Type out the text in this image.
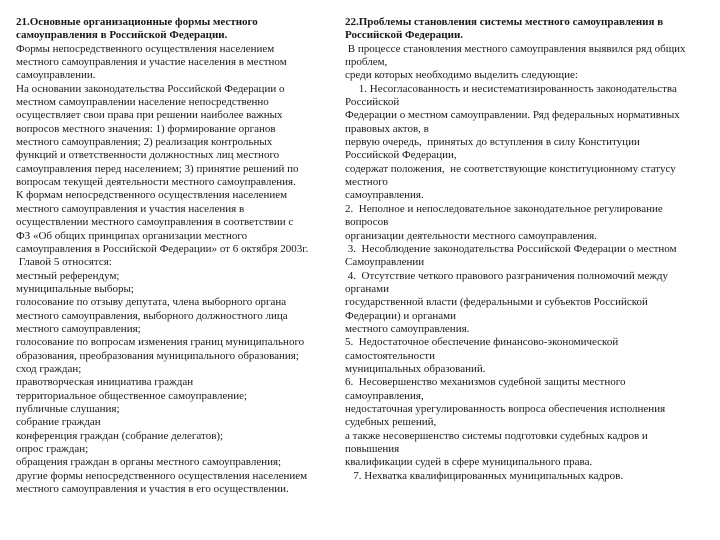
21.Основные организационные формы местного
самоуправления в Российской Федерации.
Формы непосредственного осуществления населением
местного самоуправления и участие населения в местном
самоуправлении.
На основании законодательства Российской Федерации о
местном самоуправлении население непосредственно
осуществляет свои права при решении наиболее важных
вопросов местного значения: 1) формирование органов
местного самоуправления; 2) реализация контрольных
функций и ответственности должностных лиц местного
самоуправления перед населением; 3) принятие решений по
вопросам текущей деятельности местного самоуправления.
К формам непосредственного осуществления населением
местного самоуправления и участия населения в
осуществлении местного самоуправления в соответствии с
ФЗ «Об общих принципах организации местного
самоуправления в Российской Федерации» от 6 октября 2003г.
Главой 5 относятся:
местный референдум;
муниципальные выборы;
голосование по отзыву депутата, члена выборного органа
местного самоуправления, выборного должностного лица
местного самоуправления;
голосование по вопросам изменения границ муниципального
образования, преобразования муниципального образования;
сход граждан;
правотворческая инициатива граждан
территориальное общественное самоуправление;
публичные слушания;
собрание граждан
конференция граждан (собрание делегатов);
опрос граждан;
обращения граждан в органы местного самоуправления;
другие формы непосредственного осуществления населением
местного самоуправления и участия в его осуществлении.
22.Проблемы становления системы местного самоуправления в
Российской Федерации.
В процессе становления местного самоуправления выявился ряд общих
проблем,
среди которых необходимо выделить следующие:
1. Несогласованность и несистематизированность законодательства
Российской
Федерации о местном самоуправлении. Ряд федеральных нормативных
правовых актов, в
первую очередь,  принятых до вступления в силу Конституции
Российской Федерации,
содержат положения,  не соответствующие конституционному статусу
местного
самоуправления.
2.  Неполное и непоследовательное законодательное регулирование
вопросов
организации деятельности местного самоуправления.
3.  Несоблюдение законодательства Российской Федерации о местном
Самоуправлении
4.  Отсутствие четкого правового разграничения полномочий между
органами
государственной власти (федеральными и субъектов Российской
Федерации) и органами
местного самоуправления.
5.  Недостаточное обеспечение финансово-экономической
самостоятельности
муниципальных образований.
6.  Несовершенство механизмов судебной защиты местного
самоуправления,
недостаточная урегулированность вопроса обеспечения исполнения
судебных решений,
а также несовершенство системы подготовки судебных кадров и
повышения
квалификации судей в сфере муниципального права.
7. Нехватка квалифицированных муниципальных кадров.
